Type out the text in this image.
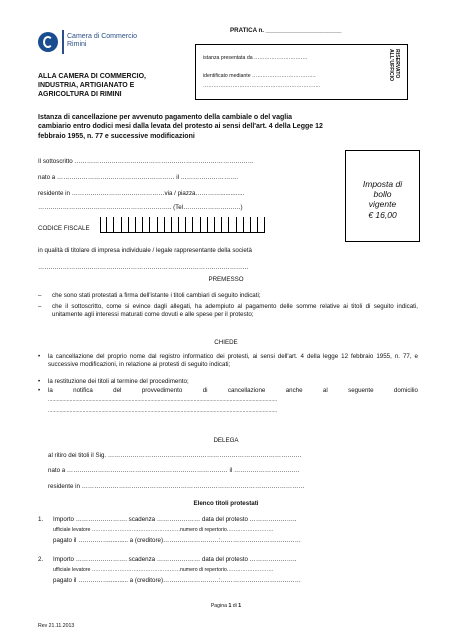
Camera di Commercio
Rimini
PRATICA n. ______________________
istanza presentata da ………………………….
identificato mediante ……………………………….
…………………………………………………………..
RISERVATO
ALL'UFFICIO
ALLA CAMERA DI COMMERCIO,
INDUSTRIA, ARTIGIANATO E
AGRICOLTURA DI RIMINI
Istanza di cancellazione per avvenuto pagamento della cambiale o del vaglia
cambiario entro dodici mesi dalla levata del protesto ai sensi dell'art. 4 della Legge 12
febbraio 1955, n. 77 e successive modificazioni
Il sottoscritto ……………………………………………………………………………
nato a ………………………………………………… il ……………………….
residente in ………………………………………via / piazza…………..............
……………………………………………………….. (Tel……………………….)
CODICE FISCALE
Imposta di
bollo
vigente
€ 16,00
in qualità di titolare di impresa individuale / legale rappresentante della società
…………………………………………………………………………………………
PREMESSO
– che sono stati protestati a firma dell'istante i titoli cambiari di seguito indicati;
– che il sottoscritto, come si evince dagli allegati, ha adempiuto al pagamento delle somme relative ai titoli di seguito indicati, unitamente agli interessi maturati come dovuti e alle spese per il protesto;
CHIEDE
• la cancellazione del proprio nome dal registro informatico dei protesti, ai sensi dell'art. 4 della legge 12 febbraio 1955, n. 77, e successive modificazioni, in relazione ai protesti di seguito indicati;
• la restituzione dei titoli al termine del procedimento;
• la notifica del provvedimento di cancellazione anche al seguente domicilio
...............................................................................................................................................................
...............................................................................................................................................................
DELEGA
al ritiro dei titoli il Sig. ………………………………………………………………………………….
nato a …………………………………………………………………… il …………………………..
residente in ………………………………………………………………………………………………
Elenco titoli protestati
1. Importo ……………………. scadenza ………………… data del protesto …………………..
ufficiale levatore ……………………………………………numero di repertorio………………………
pagato il ……………........... a (creditore)………………………:…………………………………
2. Importo ……………………. scadenza ………………… data del protesto …………………..
ufficiale levatore ……………………………………………numero di repertorio………………………
pagato il ……………........... a (creditore)………………………:…………………………………
Pagina 1 di 1
Rev 21.11.2013
